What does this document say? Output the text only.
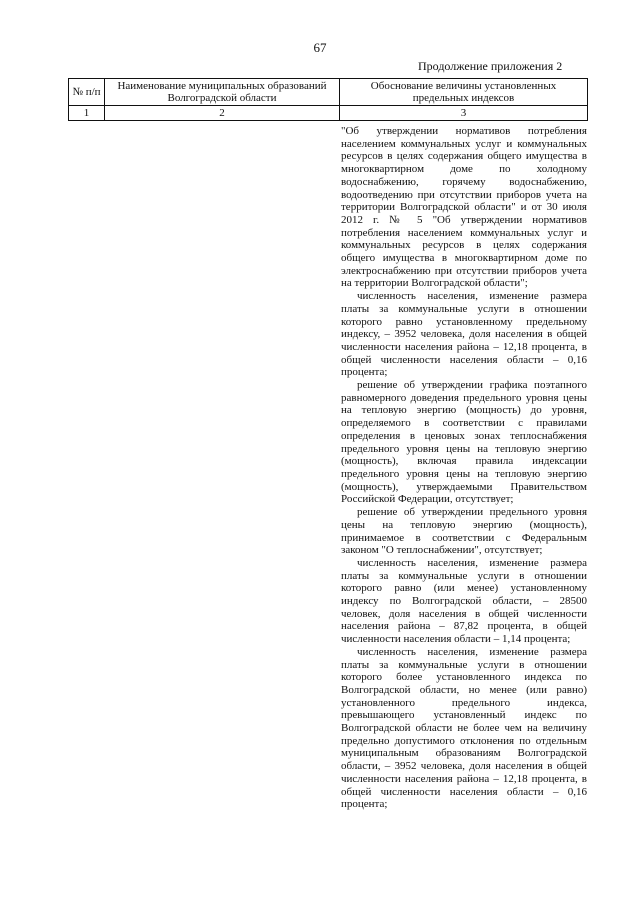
67
Продолжение приложения 2
№ п/п	Наименование муниципальных образований Волгоградской области	Обоснование величины установленных предельных индексов
1	2	3

"Об утверждении нормативов потребления населением коммунальных услуг и коммунальных ресурсов в целях содержания общего имущества в многоквартирном доме по холодному водоснабжению, горячему водоснабжению, водоотведению при отсутствии приборов учета на территории Волгоградской области" и от 30 июля 2012 г. № 5 "Об утверждении нормативов потребления населением коммунальных услуг и коммунальных ресурсов в целях содержания общего имущества в многоквартирном доме по электроснабжению при отсутствии приборов учета на территории Волгоградской области";

численность населения, изменение размера платы за коммунальные услуги в отношении которого равно установленному предельному индексу, – 3952 человека, доля населения в общей численности населения района – 12,18 процента, в общей численности населения области – 0,16 процента;

решение об утверждении графика поэтапного равномерного доведения предельного уровня цены на тепловую энергию (мощность) до уровня, определяемого в соответствии с правилами определения в ценовых зонах теплоснабжения предельного уровня цены на тепловую энергию (мощность), включая правила индексации предельного уровня цены на тепловую энергию (мощность), утверждаемыми Правительством Российской Федерации, отсутствует;

решение об утверждении предельного уровня цены на тепловую энергию (мощность), принимаемое в соответствии с Федеральным законом "О теплоснабжении", отсутствует;

численность населения, изменение размера платы за коммунальные услуги в отношении которого равно (или менее) установленному индексу по Волгоградской области, – 28500 человек, доля населения в общей численности населения района – 87,82 процента, в общей численности населения области – 1,14 процента;

численность населения, изменение размера платы за коммунальные услуги в отношении которого более установленного индекса по Волгоградской области, но менее (или равно) установленного предельного индекса, превышающего установленный индекс по Волгоградской области не более чем на величину предельно допустимого отклонения по отдельным муниципальным образованиям Волгоградской области, – 3952 человека, доля населения в общей численности населения района – 12,18 процента, в общей численности населения области – 0,16 процента;
